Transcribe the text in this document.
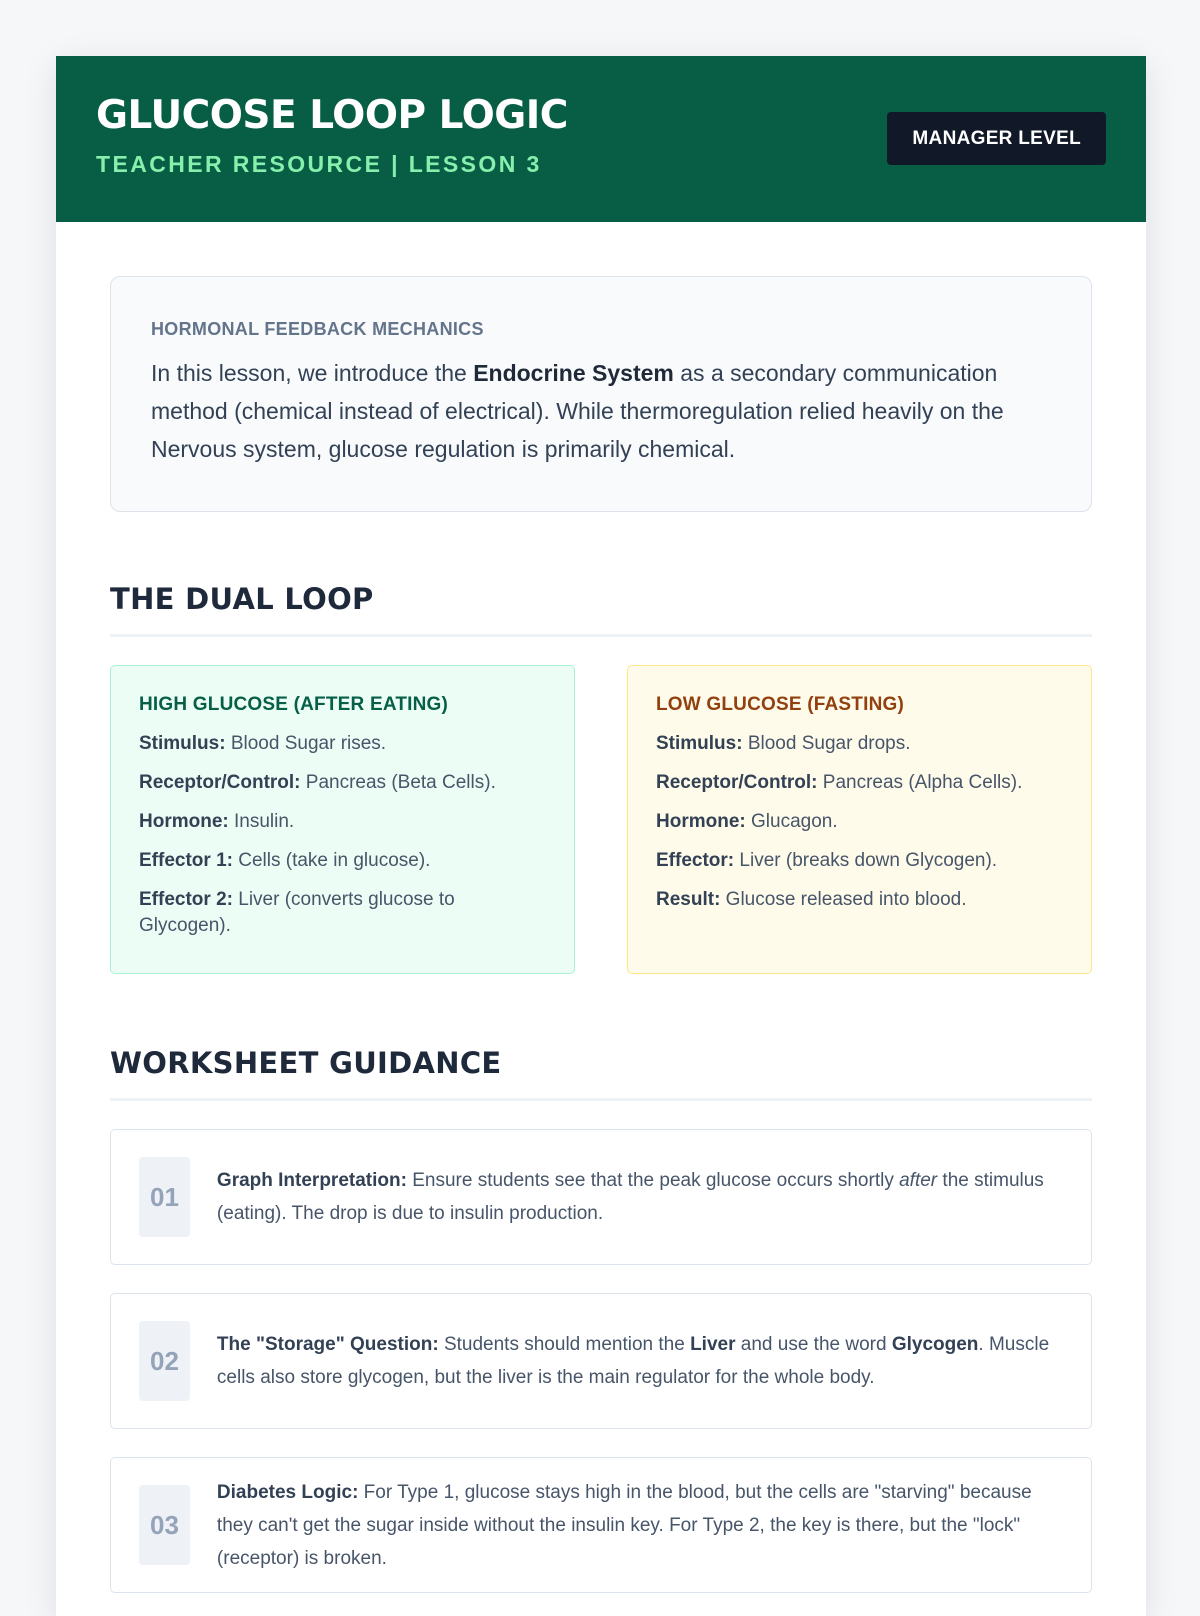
GLUCOSE LOOP LOGIC
TEACHER RESOURCE | LESSON 3
MANAGER LEVEL
HORMONAL FEEDBACK MECHANICS
In this lesson, we introduce the Endocrine System as a secondary communication method (chemical instead of electrical). While thermoregulation relied heavily on the Nervous system, glucose regulation is primarily chemical.
THE DUAL LOOP
HIGH GLUCOSE (AFTER EATING)
Stimulus: Blood Sugar rises.
Receptor/Control: Pancreas (Beta Cells).
Hormone: Insulin.
Effector 1: Cells (take in glucose).
Effector 2: Liver (converts glucose to Glycogen).
LOW GLUCOSE (FASTING)
Stimulus: Blood Sugar drops.
Receptor/Control: Pancreas (Alpha Cells).
Hormone: Glucagon.
Effector: Liver (breaks down Glycogen).
Result: Glucose released into blood.
WORKSHEET GUIDANCE
01
Graph Interpretation: Ensure students see that the peak glucose occurs shortly after the stimulus (eating). The drop is due to insulin production.
02
The "Storage" Question: Students should mention the Liver and use the word Glycogen. Muscle cells also store glycogen, but the liver is the main regulator for the whole body.
03
Diabetes Logic: For Type 1, glucose stays high in the blood, but the cells are "starving" because they can't get the sugar inside without the insulin key. For Type 2, the key is there, but the "lock" (receptor) is broken.
